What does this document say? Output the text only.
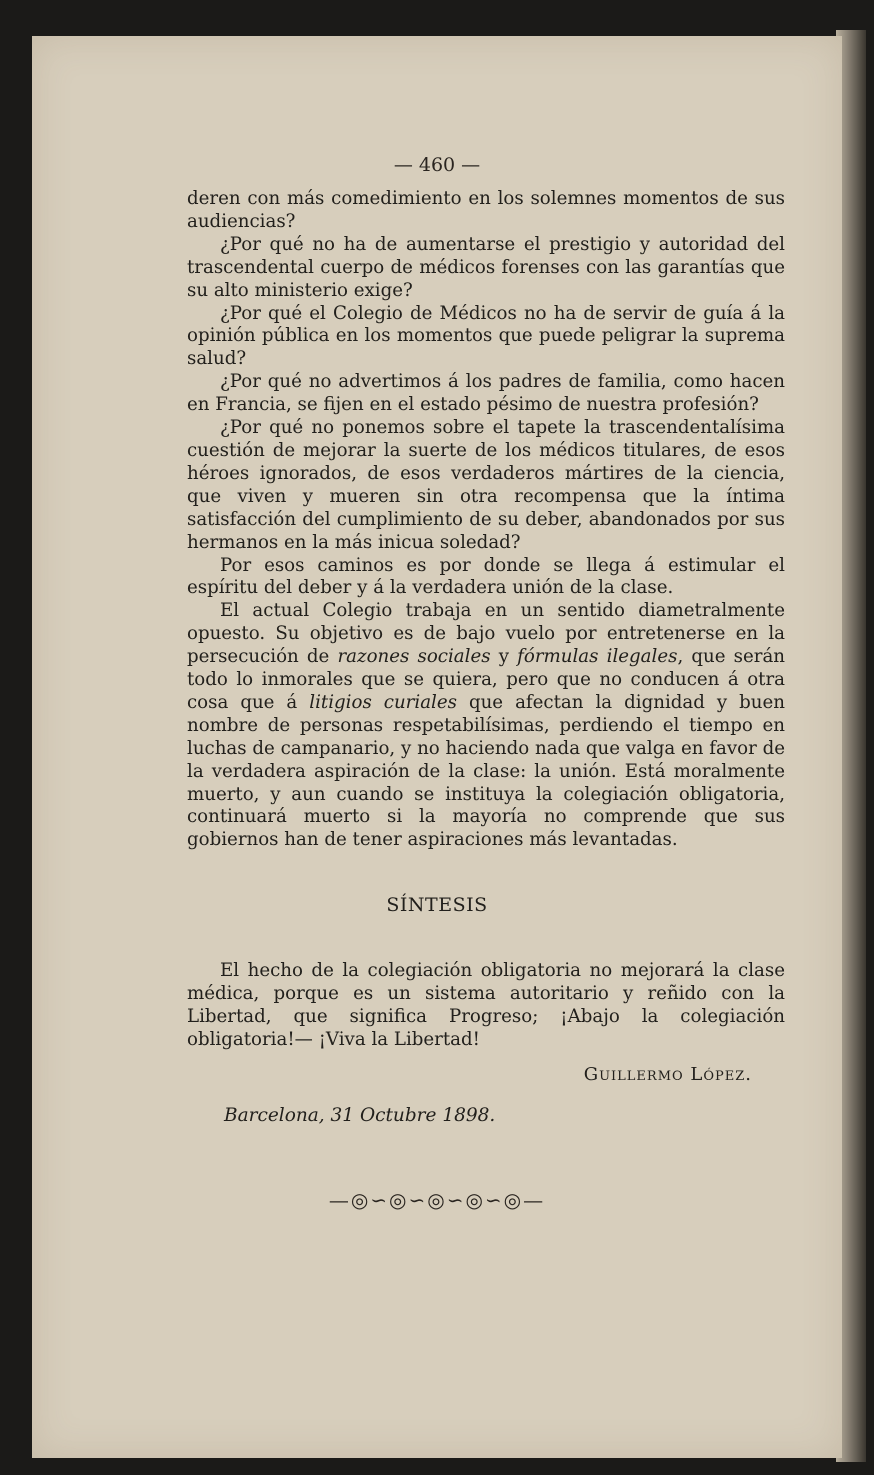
— 460 —

deren con más comedimiento en los solemnes momentos de sus audiencias?

¿Por qué no ha de aumentarse el prestigio y autoridad del trascendental cuerpo de médicos forenses con las garantías que su alto ministerio exige?

¿Por qué el Colegio de Médicos no ha de servir de guía á la opinión pública en los momentos que puede peligrar la suprema salud?

¿Por qué no advertimos á los padres de familia, como hacen en Francia, se fijen en el estado pésimo de nuestra profesión?

¿Por qué no ponemos sobre el tapete la trascendentalísima cuestión de mejorar la suerte de los médicos titulares, de esos héroes ignorados, de esos verdaderos mártires de la ciencia, que viven y mueren sin otra recompensa que la íntima satisfacción del cumplimiento de su deber, abandonados por sus hermanos en la más inicua soledad?

Por esos caminos es por donde se llega á estimular el espíritu del deber y á la verdadera unión de la clase.

El actual Colegio trabaja en un sentido diametralmente opuesto. Su objetivo es de bajo vuelo por entretenerse en la persecución de razones sociales y fórmulas ilegales, que serán todo lo inmorales que se quiera, pero que no conducen á otra cosa que á litigios curiales que afectan la dignidad y buen nombre de personas respetabilísimas, perdiendo el tiempo en luchas de campanario, y no haciendo nada que valga en favor de la verdadera aspiración de la clase: la unión. Está moralmente muerto, y aun cuando se instituya la colegiación obligatoria, continuará muerto si la mayoría no comprende que sus gobiernos han de tener aspiraciones más levantadas.

SÍNTESIS

El hecho de la colegiación obligatoria no mejorará la clase médica, porque es un sistema autoritario y reñido con la Libertad, que significa Progreso; ¡Abajo la colegiación obligatoria!— ¡Viva la Libertad!

Guillermo López.
Barcelona, 31 Octubre 1898.
—◎∽◎∽◎∽◎∽◎—
